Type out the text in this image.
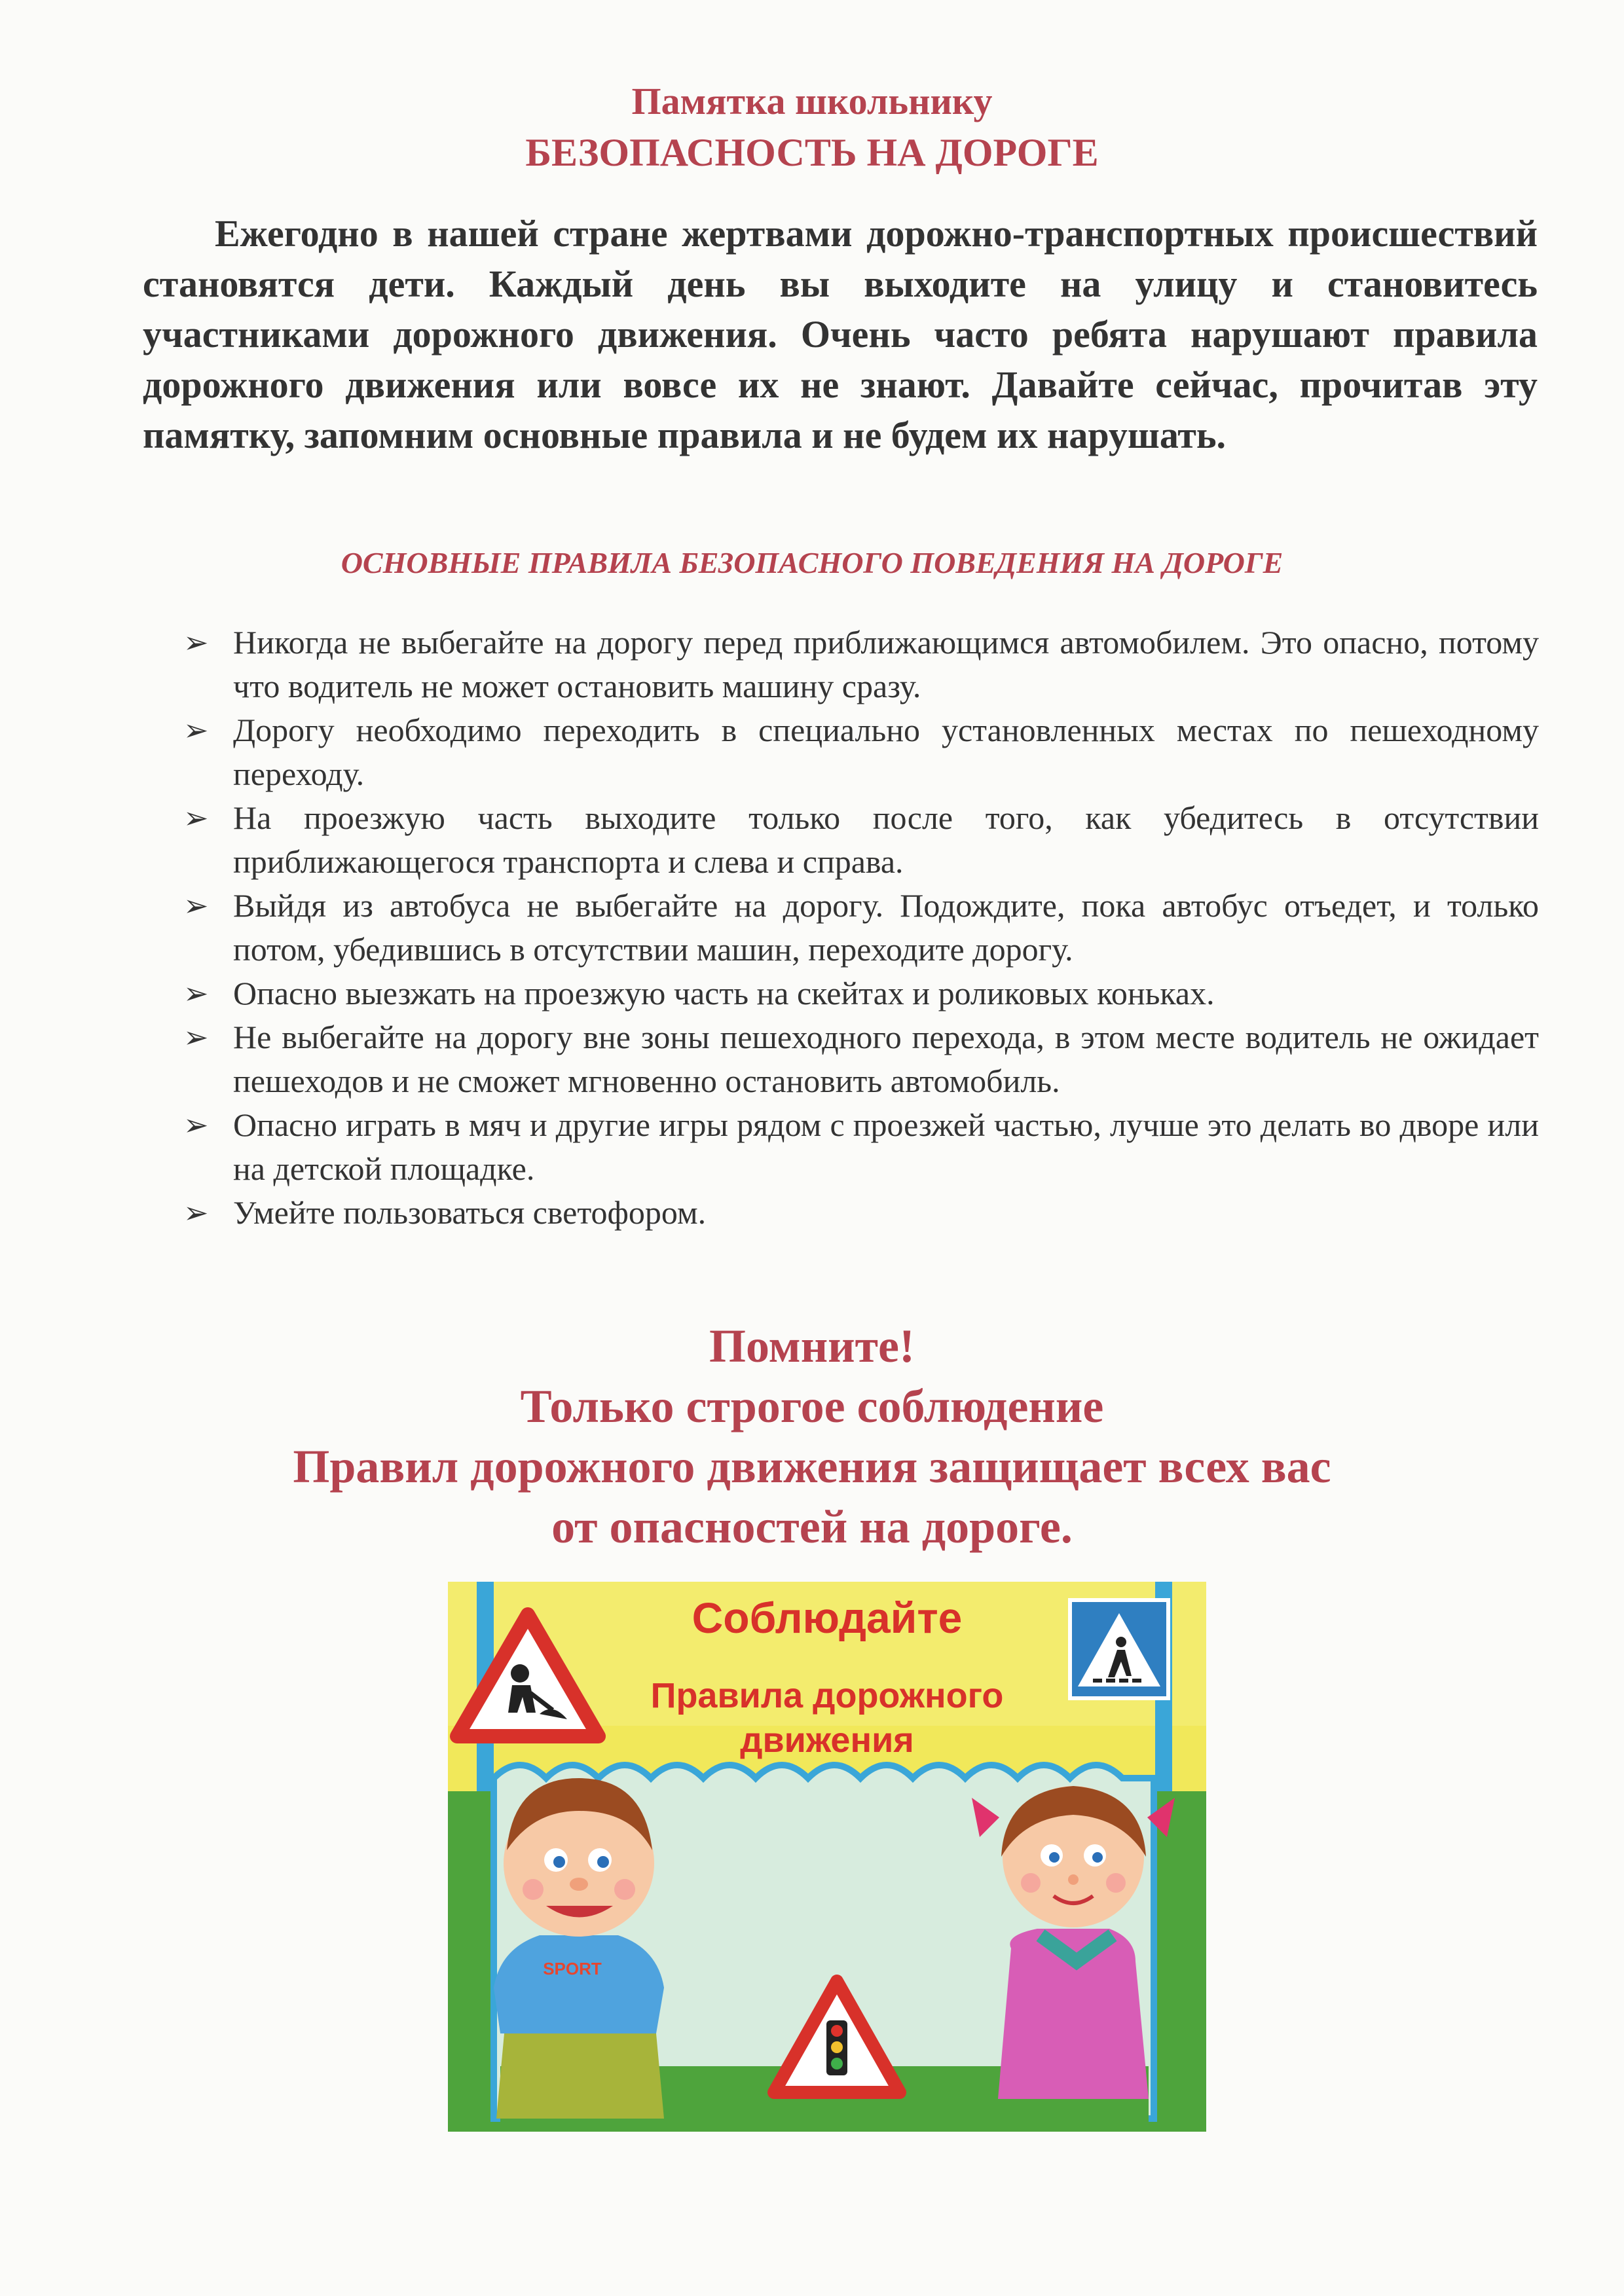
Памятка школьнику
БЕЗОПАСНОСТЬ НА ДОРОГЕ
Ежегодно в нашей стране жертвами дорожно-транспортных происшествий становятся дети. Каждый день вы выходите на улицу и становитесь участниками дорожного движения. Очень часто ребята нарушают правила дорожного движения или вовсе их не знают. Давайте сейчас, прочитав эту памятку, запомним основные правила и не будем их нарушать.
ОСНОВНЫЕ ПРАВИЛА БЕЗОПАСНОГО ПОВЕДЕНИЯ НА ДОРОГЕ
➢ Никогда не выбегайте на дорогу перед приближающимся автомобилем. Это опасно, потому что водитель не может остановить машину сразу.
➢ Дорогу необходимо переходить в специально установленных местах по пешеходному переходу.
➢ На проезжую часть выходите только после того, как убедитесь в отсутствии приближающегося транспорта и слева и справа.
➢ Выйдя из автобуса не выбегайте на дорогу. Подождите, пока автобус отъедет, и только потом, убедившись в отсутствии машин, переходите дорогу.
➢ Опасно выезжать на проезжую часть на скейтах и роликовых коньках.
➢ Не выбегайте на дорогу вне зоны пешеходного перехода, в этом месте водитель не ожидает пешеходов и не сможет мгновенно остановить автомобиль.
➢ Опасно играть в мяч и другие игры рядом с проезжей частью, лучше это делать во дворе или на детской площадке.
➢ Умейте пользоваться светофором.
Помните!
Только строгое соблюдение
Правил дорожного движения защищает всех вас
от опасностей на дороге.
Соблюдайте
Правила дорожного
движения
SPORT
